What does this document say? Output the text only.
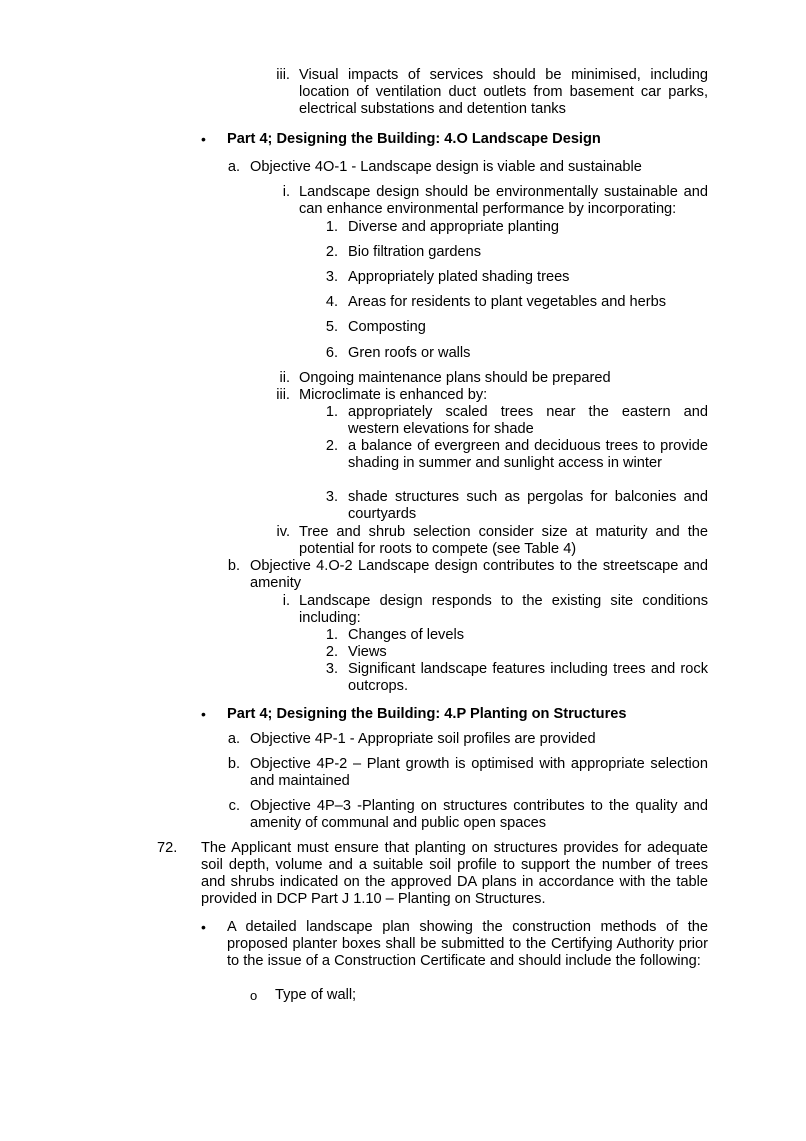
iii. Visual impacts of services should be minimised, including location of ventilation duct outlets from basement car parks, electrical substations and detention tanks
• Part 4; Designing the Building: 4.O Landscape Design
a. Objective 4O-1 - Landscape design is viable and sustainable
i. Landscape design should be environmentally sustainable and can enhance environmental performance by incorporating:
1. Diverse and appropriate planting
2. Bio filtration gardens
3. Appropriately plated shading trees
4. Areas for residents to plant vegetables and herbs
5. Composting
6. Gren roofs or walls
ii. Ongoing maintenance plans should be prepared
iii. Microclimate is enhanced by:
1. appropriately scaled trees near the eastern and western elevations for shade
2. a balance of evergreen and deciduous trees to provide shading in summer and sunlight access in winter
3. shade structures such as pergolas for balconies and courtyards
iv. Tree and shrub selection consider size at maturity and the potential for roots to compete (see Table 4)
b. Objective 4.O-2 Landscape design contributes to the streetscape and amenity
i. Landscape design responds to the existing site conditions including:
1. Changes of levels
2. Views
3. Significant landscape features including trees and rock outcrops.
• Part 4; Designing the Building: 4.P Planting on Structures
a. Objective 4P-1 - Appropriate soil profiles are provided
b. Objective 4P-2 – Plant growth is optimised with appropriate selection and maintained
c. Objective 4P–3 -Planting on structures contributes to the quality and amenity of communal and public open spaces
72. The Applicant must ensure that planting on structures provides for adequate soil depth, volume and a suitable soil profile to support the number of trees and shrubs indicated on the approved DA plans in accordance with the table provided in DCP Part J 1.10 – Planting on Structures.
• A detailed landscape plan showing the construction methods of the proposed planter boxes shall be submitted to the Certifying Authority prior to the issue of a Construction Certificate and should include the following:
o Type of wall;
